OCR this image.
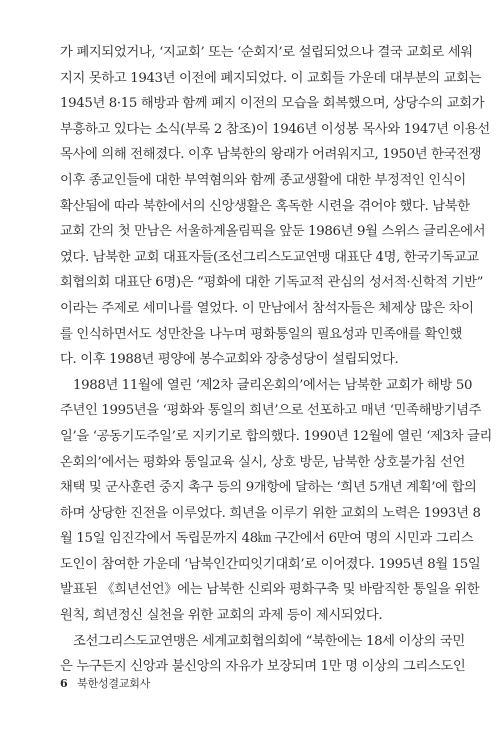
가 폐지되었거나, ‘지교회’ 또는 ‘순회지’로 설립되었으나 결국 교회로 세워
지지 못하고 1943년 이전에 폐지되었다. 이 교회들 가운데 대부분의 교회는
1945년 8·15 해방과 함께 폐지 이전의 모습을 회복했으며, 상당수의 교회가
부흥하고 있다는 소식(부록 2 참조)이 1946년 이성봉 목사와 1947년 이용선
목사에 의해 전해졌다. 이후 남북한의 왕래가 어려워지고, 1950년 한국전쟁
이후 종교인들에 대한 부역혐의와 함께 종교생활에 대한 부정적인 인식이
확산됨에 따라 북한에서의 신앙생활은 혹독한 시련을 겪어야 했다. 남북한
교회 간의 첫 만남은 서울하계올림픽을 앞둔 1986년 9월 스위스 글리온에서
였다. 남북한 교회 대표자들(조선그리스도교연맹 대표단 4명, 한국기독교교
회협의회 대표단 6명)은 “평화에 대한 기독교적 관심의 성서적·신학적 기반”
이라는 주제로 세미나를 열었다. 이 만남에서 참석자들은 체제상 많은 차이
를 인식하면서도 성만찬을 나누며 평화통일의 필요성과 민족애를 확인했
다. 이후 1988년 평양에 봉수교회와 장충성당이 설립되었다.
1988년 11월에 열린 ‘제2차 글리온회의’에서는 남북한 교회가 해방 50
주년인 1995년을 ‘평화와 통일의 희년’으로 선포하고 매년 ‘민족해방기념주
일’을 ‘공동기도주일’로 지키기로 합의했다. 1990년 12월에 열린 ‘제3차 글리
온회의’에서는 평화와 통일교육 실시, 상호 방문, 남북한 상호불가침 선언
채택 및 군사훈련 중지 촉구 등의 9개항에 달하는 ‘희년 5개년 계획’에 합의
하며 상당한 진전을 이루었다. 희년을 이루기 위한 교회의 노력은 1993년 8
월 15일 임진각에서 독립문까지 48㎞ 구간에서 6만여 명의 시민과 그리스
도인이 참여한 가운데 ‘남북인간띠잇기대회’로 이어졌다. 1995년 8월 15일
발표된 《희년선언》에는 남북한 신뢰와 평화구축 및 바람직한 통일을 위한
원칙, 희년정신 실천을 위한 교회의 과제 등이 제시되었다.
조선그리스도교연맹은 세계교회협의회에 “북한에는 18세 이상의 국민
은 누구든지 신앙과 불신앙의 자유가 보장되며 1만 명 이상의 그리스도인
6 북한성결교회사
